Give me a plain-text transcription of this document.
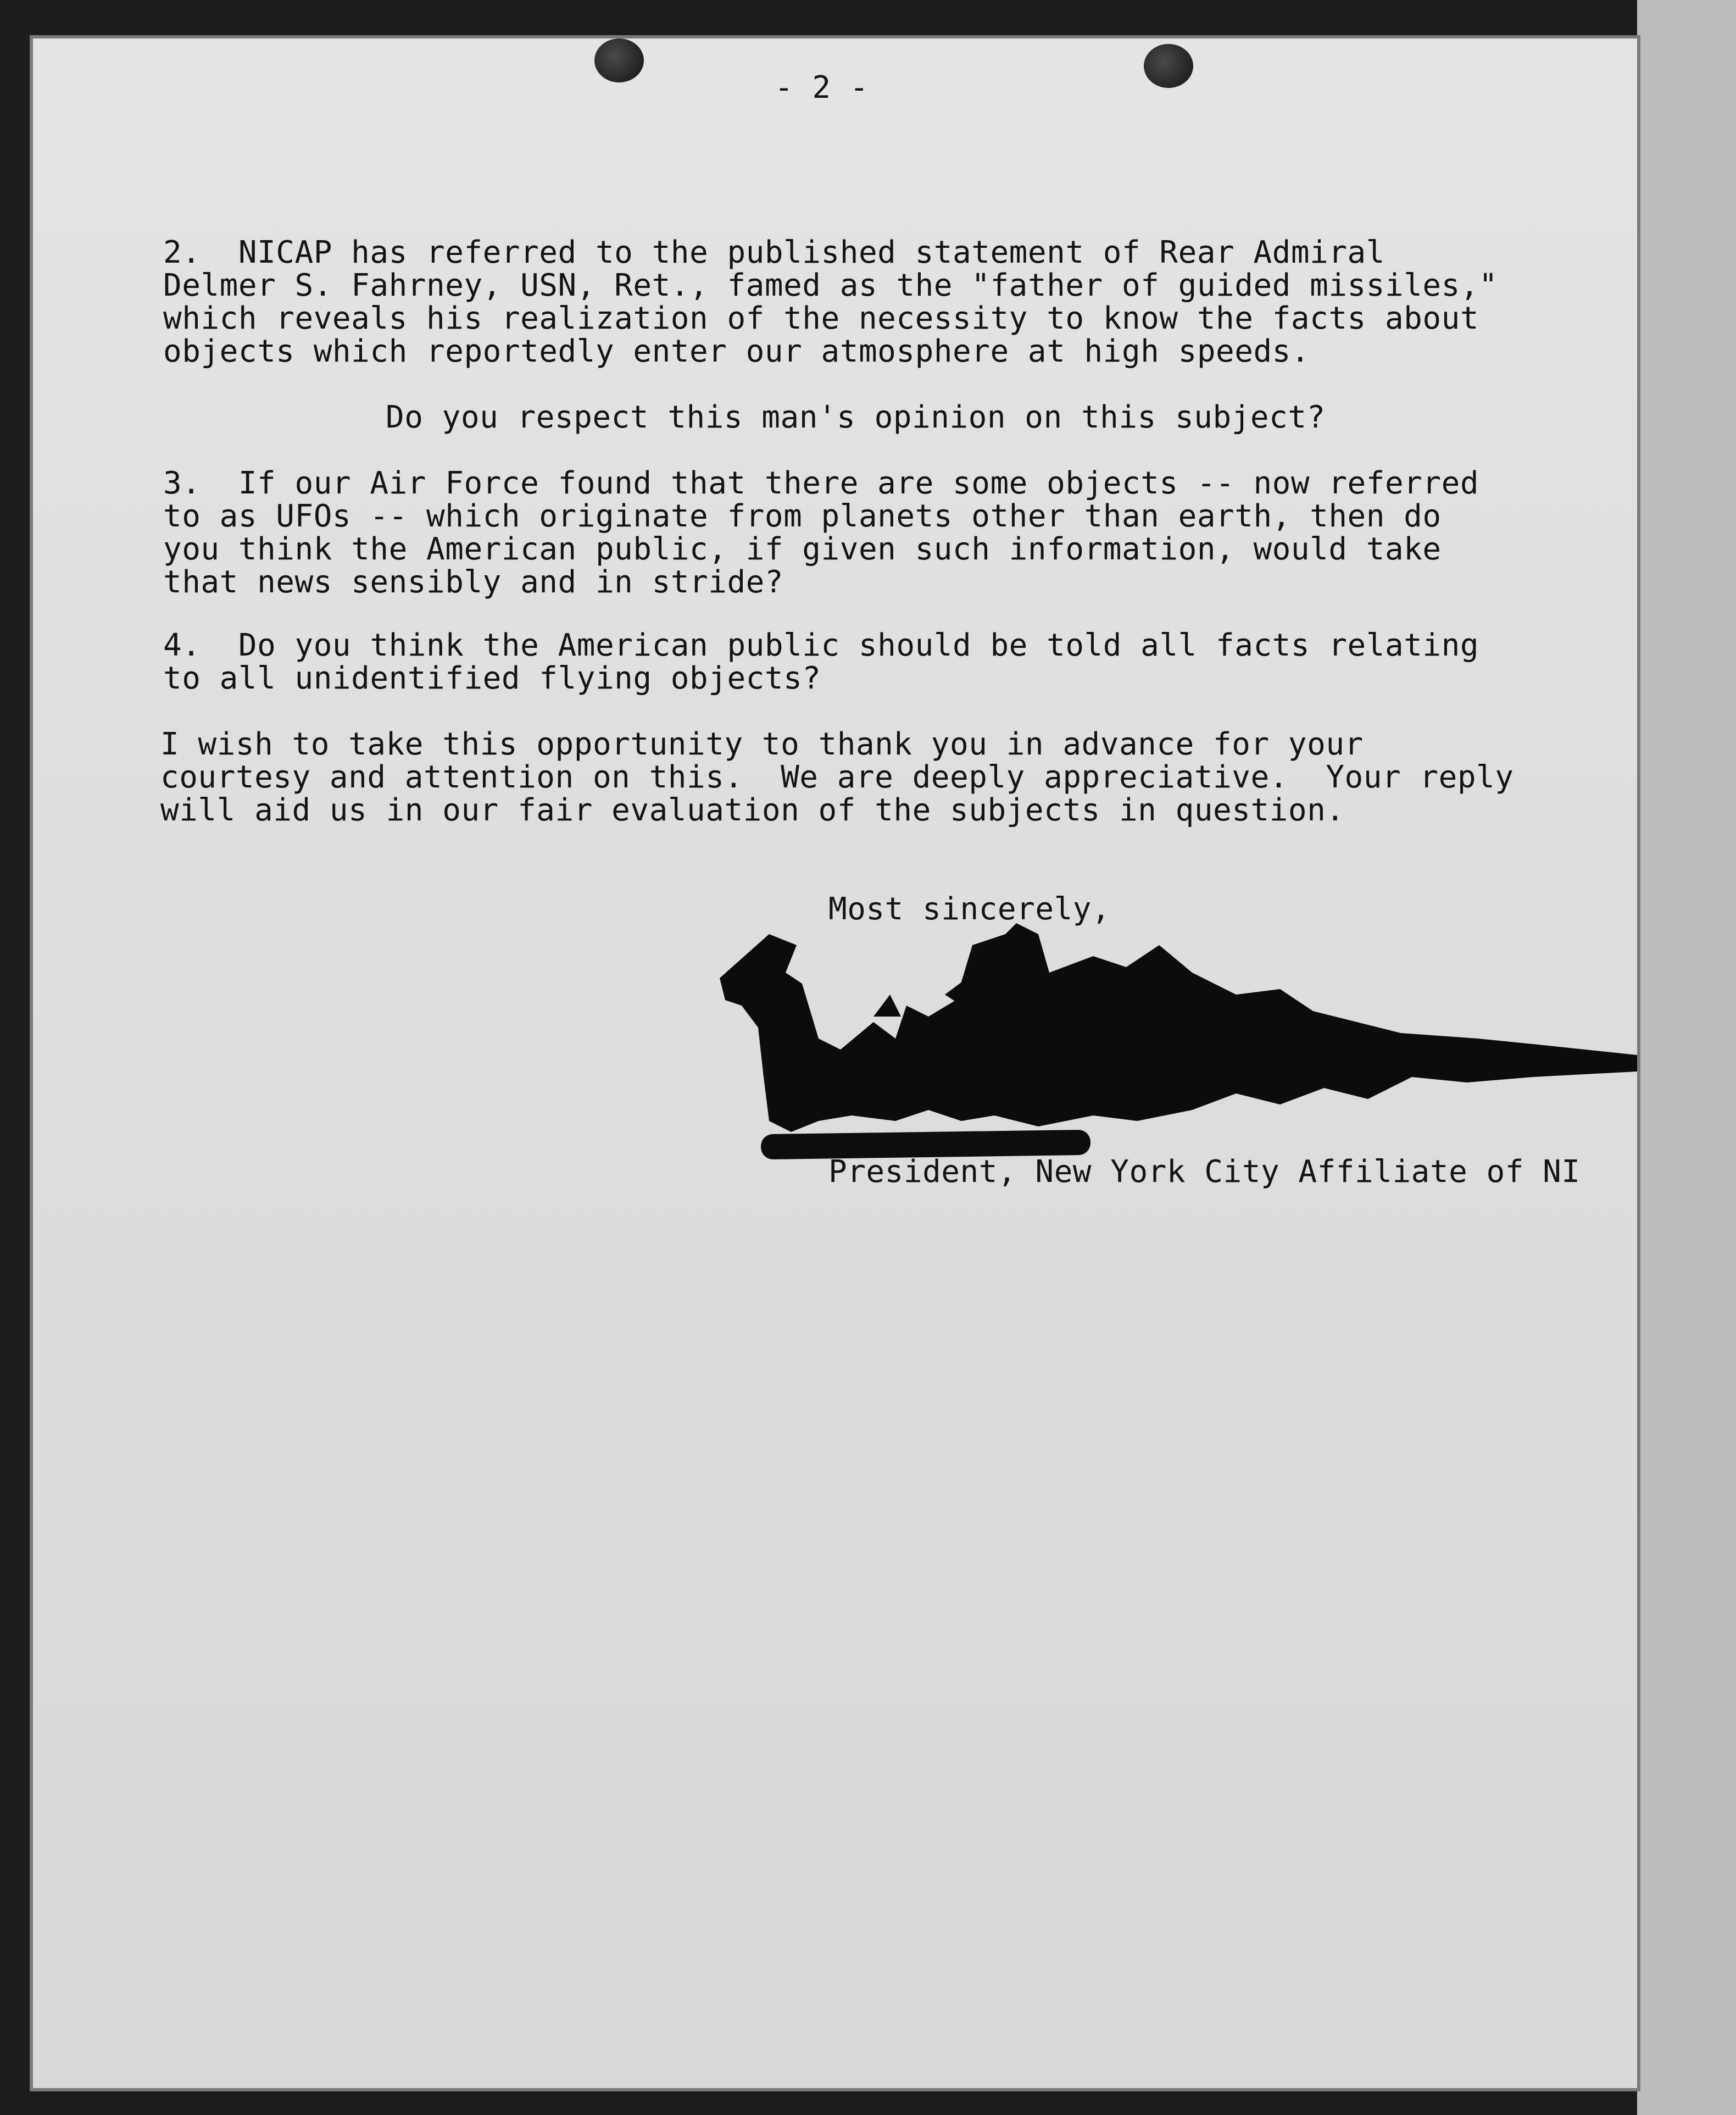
- 2 -
2.  NICAP has referred to the published statement of Rear Admiral
Delmer S. Fahrney, USN, Ret., famed as the "father of guided missiles,"
which reveals his realization of the necessity to know the facts about
objects which reportedly enter our atmosphere at high speeds.
Do you respect this man's opinion on this subject?
3.  If our Air Force found that there are some objects -- now referred
to as UFOs -- which originate from planets other than earth, then do
you think the American public, if given such information, would take
that news sensibly and in stride?
4.  Do you think the American public should be told all facts relating
to all unidentified flying objects?
I wish to take this opportunity to thank you in advance for your
courtesy and attention on this.  We are deeply appreciative.  Your reply
will aid us in our fair evaluation of the subjects in question.
Most sincerely,
President, New York City Affiliate of NI
